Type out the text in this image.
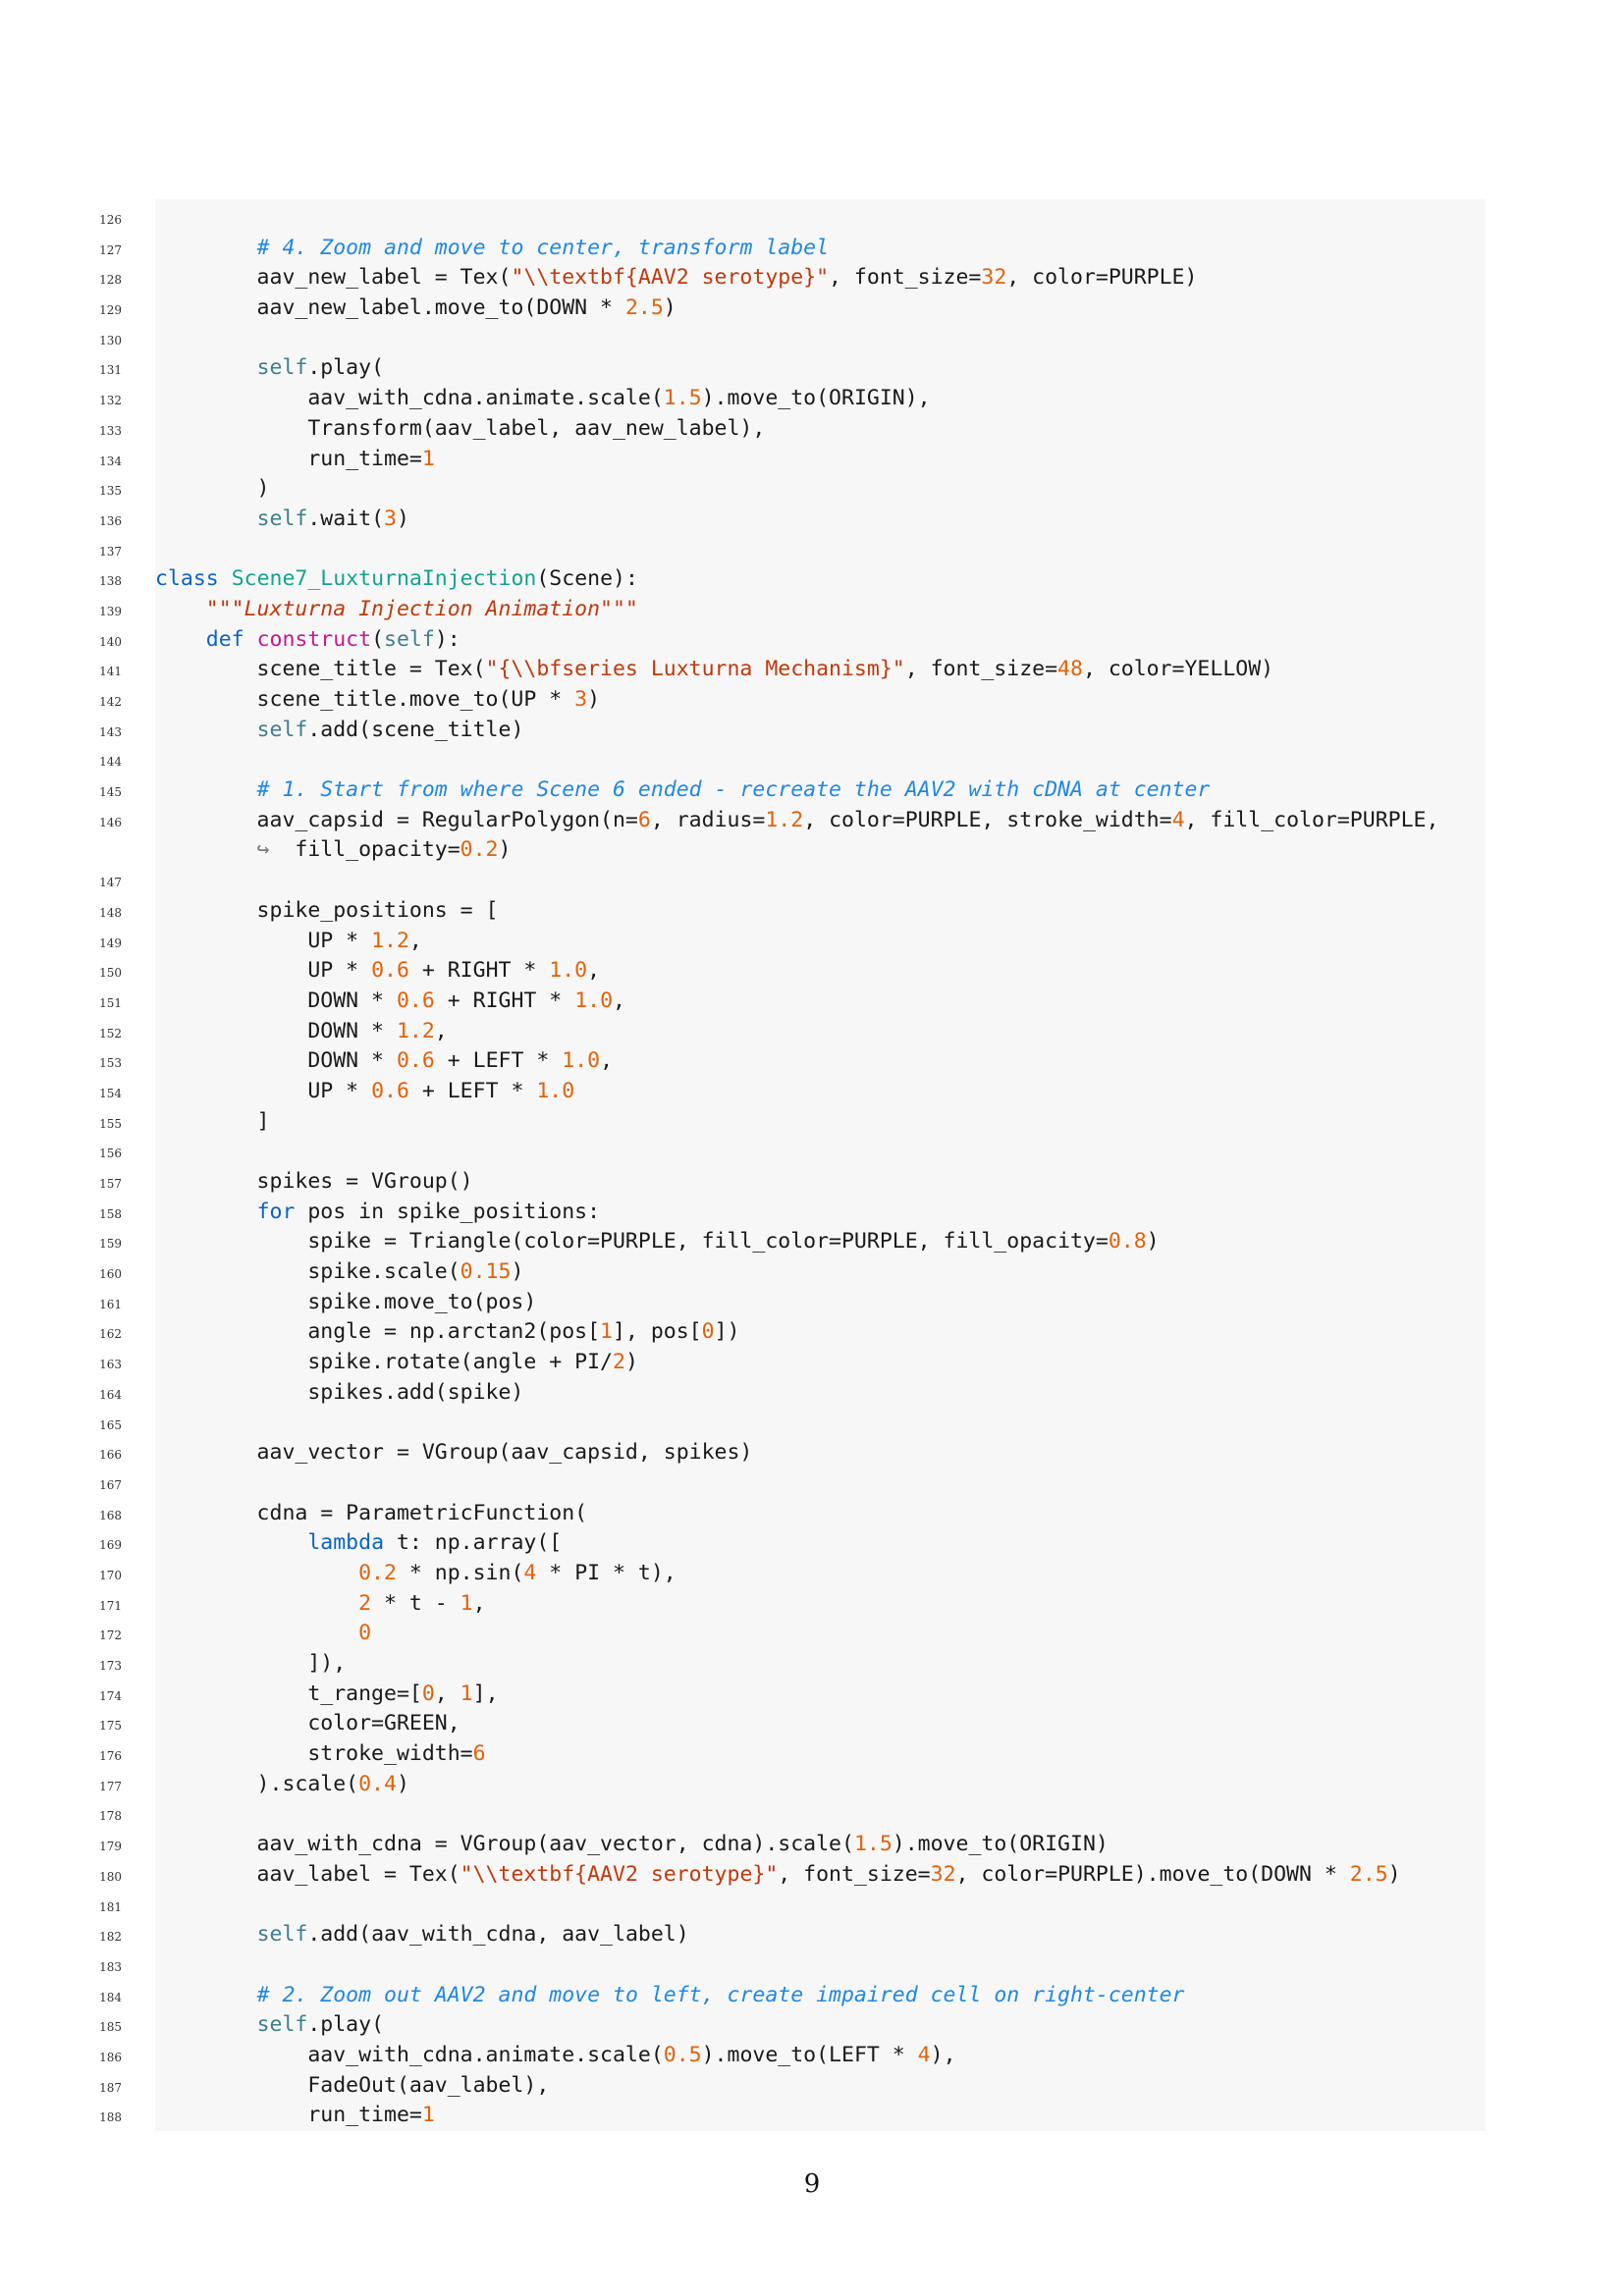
126
127	# 4. Zoom and move to center, transform label
128 aav_new_label = Tex("\\textbf{AAV2 serotype}", font_size=32, color=PURPLE)
129 aav_new_label.move_to(DOWN * 2.5)
130
131	self.play(
132 aav_with_cdna.animate.scale(1.5).move_to(ORIGIN),
133 Transform(aav_label, aav_new_label),
134 run_time=1
135 )
136	self.wait(3)
137
138 class Scene7_LuxturnaInjection(Scene):
139	"""Luxturna Injection Animation"""
140	def construct(self):
141 scene_title = Tex("{\\bfseries Luxturna Mechanism}", font_size=48, color=YELLOW)
142 scene_title.move_to(UP * 3)
143	self.add(scene_title)
144
145	# 1. Start from where Scene 6 ended - recreate the AAV2 with cDNA at center
146 aav_capsid = RegularPolygon(n=6, radius=1.2, color=PURPLE, stroke_width=4, fill_color=PURPLE,
↪  fill_opacity=0.2)
147
148 spike_positions = [
149 UP * 1.2,
150 UP * 0.6 + RIGHT * 1.0,
151 DOWN * 0.6 + RIGHT * 1.0,
152 DOWN * 1.2,
153 DOWN * 0.6 + LEFT * 1.0,
154 UP * 0.6 + LEFT * 1.0
155 ]
156
157 spikes = VGroup()
158	for pos in spike_positions:
159 spike = Triangle(color=PURPLE, fill_color=PURPLE, fill_opacity=0.8)
160 spike.scale(0.15)
161 spike.move_to(pos)
162 angle = np.arctan2(pos[1], pos[0])
163 spike.rotate(angle + PI/2)
164 spikes.add(spike)
165
166 aav_vector = VGroup(aav_capsid, spikes)
167
168 cdna = ParametricFunction(
169	lambda t: np.array([
170	0.2 * np.sin(4 * PI * t),
171	2 * t - 1,
172	0
173 ]),
174 t_range=[0, 1],
175 color=GREEN,
176 stroke_width=6
177 ).scale(0.4)
178
179 aav_with_cdna = VGroup(aav_vector, cdna).scale(1.5).move_to(ORIGIN)
180 aav_label = Tex("\\textbf{AAV2 serotype}", font_size=32, color=PURPLE).move_to(DOWN * 2.5)
181
182	self.add(aav_with_cdna, aav_label)
183
184	# 2. Zoom out AAV2 and move to left, create impaired cell on right-center
185	self.play(
186 aav_with_cdna.animate.scale(0.5).move_to(LEFT * 4),
187 FadeOut(aav_label),
188 run_time=1
9
